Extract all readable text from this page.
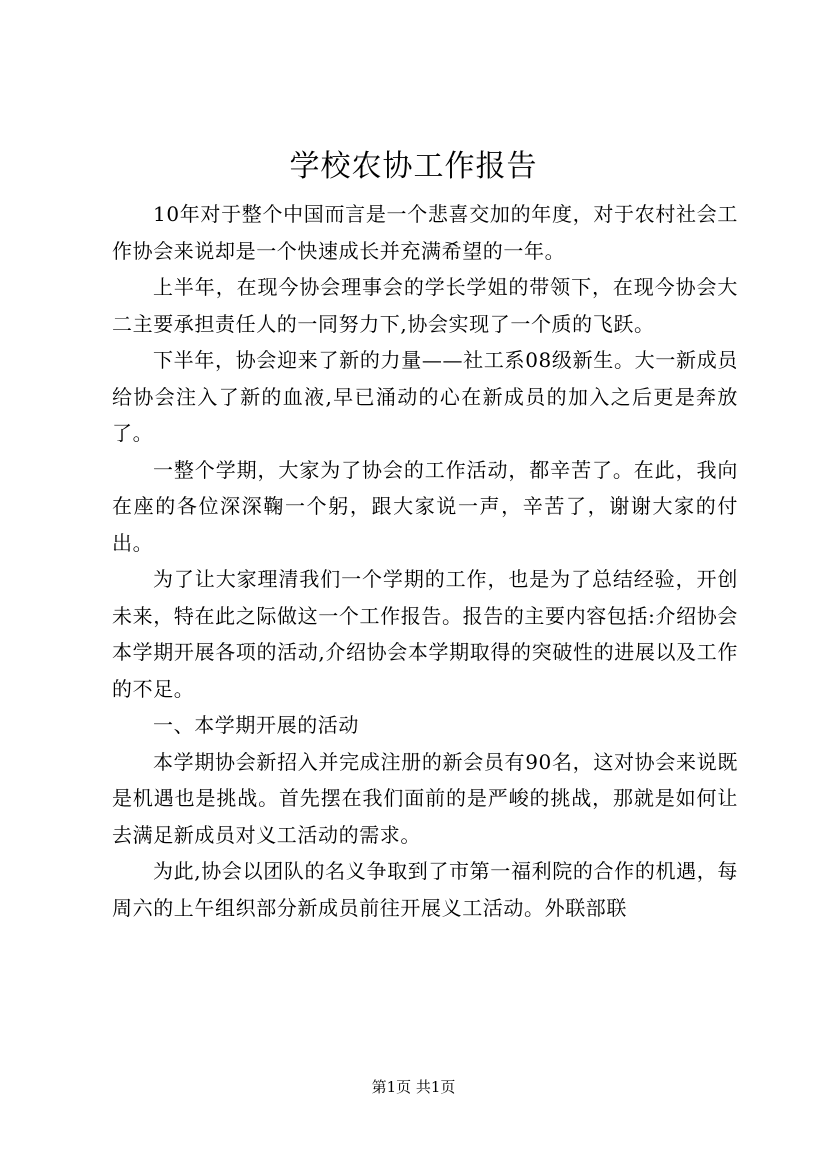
学校农协工作报告

10年对于整个中国而言是一个悲喜交加的年度，对于农村社会工作协会来说却是一个快速成长并充满希望的一年。

上半年，在现今协会理事会的学长学姐的带领下，在现今协会大二主要承担责任人的一同努力下,协会实现了一个质的飞跃。

下半年，协会迎来了新的力量——社工系08级新生。大一新成员给协会注入了新的血液,早已涌动的心在新成员的加入之后更是奔放了。

一整个学期，大家为了协会的工作活动，都辛苦了。在此，我向在座的各位深深鞠一个躬，跟大家说一声，辛苦了，谢谢大家的付出。

为了让大家理清我们一个学期的工作，也是为了总结经验，开创未来，特在此之际做这一个工作报告。报告的主要内容包括:介绍协会本学期开展各项的活动,介绍协会本学期取得的突破性的进展以及工作的不足。

一、本学期开展的活动

本学期协会新招入并完成注册的新会员有90名，这对协会来说既是机遇也是挑战。首先摆在我们面前的是严峻的挑战，那就是如何让去满足新成员对义工活动的需求。

为此,协会以团队的名义争取到了市第一福利院的合作的机遇，每周六的上午组织部分新成员前往开展义工活动。外联部联

第1页 共1页
